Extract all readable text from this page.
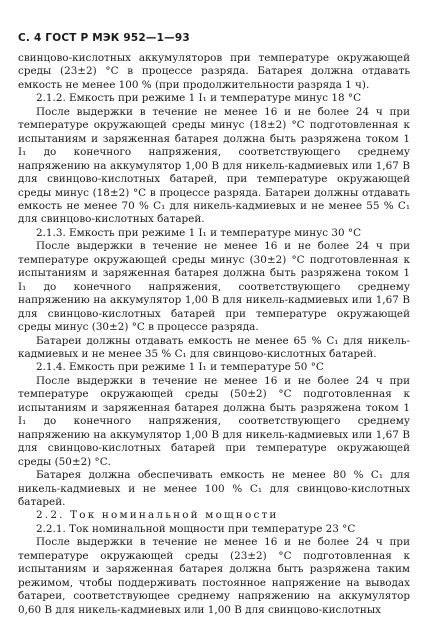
С. 4 ГОСТ Р МЭК 952—1—93

свинцово-кислотных аккумуляторов при температуре окружающей среды (23±2) °С в процессе разряда. Батарея должна отдавать емкость не менее 100 % (при продолжительности разряда 1 ч).

2.1.2. Емкость при режиме 1 I₁ и температуре минус 18 °С

После выдержки в течение не менее 16 и не более 24 ч при температуре окружающей среды минус (18±2) °С подготовленная к испытаниям и заряженная батарея должна быть разряжена током 1 I₁ до конечного напряжения, соответствующего среднему напряжению на аккумулятор 1,00 В для никель-кадмиевых или 1,67 В для свинцово-кислотных батарей, при температуре окружающей среды минус (18±2) °С в процессе разряда. Батареи должны отдавать емкость не менее 70 % C₁ для никель-кадмиевых и не менее 55 % C₁ для свинцово-кислотных батарей.

2.1.3. Емкость при режиме 1 I₁ и температуре минус 30 °С

После выдержки в течение не менее 16 и не более 24 ч при температуре окружающей среды минус (30±2) °С подготовленная к испытаниям и заряженная батарея должна быть разряжена током 1 I₁ до конечного напряжения, соответствующего среднему напряжению на аккумулятор 1,00 В для никель-кадмиевых или 1,67 В для свинцово-кислотных батарей при температуре окружающей среды минус (30±2) °С в процессе разряда.

Батареи должны отдавать емкость не менее 65 % C₁ для никель-кадмиевых и не менее 35 % C₁ для свинцово-кислотных батарей.

2.1.4. Емкость при режиме 1 I₁ и температуре 50 °С

После выдержки в течение не менее 16 и не более 24 ч при температуре окружающей среды (50±2) °С подготовленная к испытаниям и заряженная батарея должна быть разряжена током 1 I₁ до конечного напряжения, соответствующего среднему напряжению на аккумулятор 1,00 В для никель-кадмиевых или 1,67 В для свинцово-кислотных батарей при температуре окружающей среды (50±2) °С.

Батарея должна обеспечивать емкость не менее 80 % C₁ для никель-кадмиевых и не менее 100 % C₁ для свинцово-кислотных батарей.

2.2. Ток номинальной мощности

2.2.1. Ток номинальной мощности при температуре 23 °С

После выдержки в течение не менее 16 и не более 24 ч при температуре окружающей среды (23±2) °С подготовленная к испытаниям и заряженная батарея должна быть разряжена таким режимом, чтобы поддерживать постоянное напряжение на выводах батареи, соответствующее среднему напряжению на аккумулятор 0,60 В для никель-кадмиевых или 1,00 В для свинцово-кислотных
